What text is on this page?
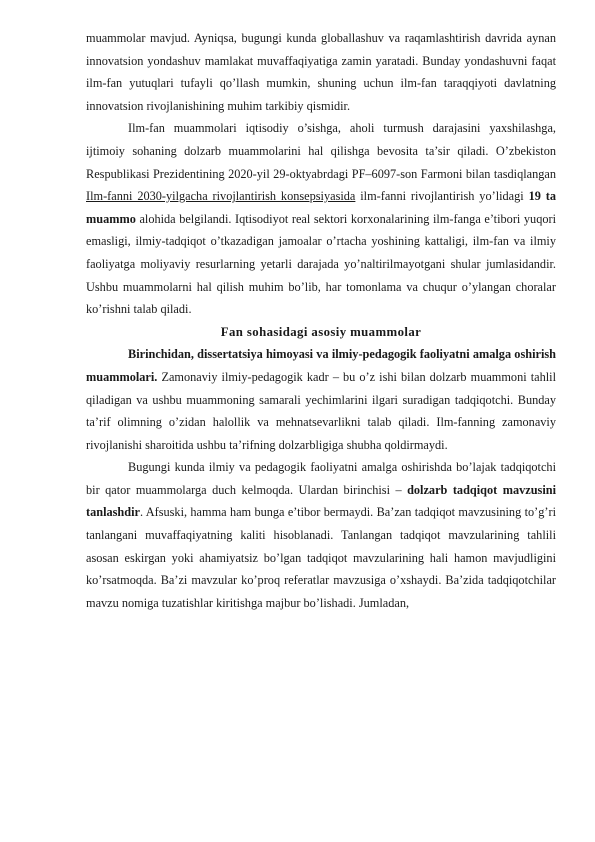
muammolar mavjud. Ayniqsa, bugungi kunda globallashuv va raqamlashtirish davrida aynan innovatsion yondashuv mamlakat muvaffaqiyatiga zamin yaratadi. Bunday yondashuvni faqat ilm-fan yutuqlari tufayli qo’llash mumkin, shuning uchun ilm-fan taraqqiyoti davlatning innovatsion rivojlanishining muhim tarkibiy qismidir.

Ilm-fan muammolari iqtisodiy o’sishga, aholi turmush darajasini yaxshilashga, ijtimoiy sohaning dolzarb muammolarini hal qilishga bevosita ta’sir qiladi. O’zbekiston Respublikasi Prezidentining 2020-yil 29-oktyabrdagi PF–6097-son Farmoni bilan tasdiqlangan Ilm-fanni 2030-yilgacha rivojlantirish konsepsiyasida ilm-fanni rivojlantirish yo’lidagi 19 ta muammo alohida belgilandi. Iqtisodiyot real sektori korxonalarining ilm-fanga e’tibori yuqori emasligi, ilmiy-tadqiqot o’tkazadigan jamoalar o’rtacha yoshining kattaligi, ilm-fan va ilmiy faoliyatga moliyaviy resurlarning yetarli darajada yo’naltirilmayotgani shular jumlasidandir. Ushbu muammolarni hal qilish muhim bo’lib, har tomonlama va chuqur o’ylangan choralar ko’rishni talab qiladi.

Fan sohasidagi asosiy muammolar

Birinchidan, dissertatsiya himoyasi va ilmiy-pedagogik faoliyatni amalga oshirish muammolari. Zamonaviy ilmiy-pedagogik kadr – bu o’z ishi bilan dolzarb muammoni tahlil qiladigan va ushbu muammoning samarali yechimlarini ilgari suradigan tadqiqotchi. Bunday ta’rif olimning o’zidan halollik va mehnatsevarlikni talab qiladi. Ilm-fanning zamonaviy rivojlanishi sharoitida ushbu ta’rifning dolzarbligiga shubha qoldirmaydi.

Bugungi kunda ilmiy va pedagogik faoliyatni amalga oshirishda bo’lajak tadqiqotchi bir qator muammolarga duch kelmoqda. Ulardan birinchisi – dolzarb tadqiqot mavzusini tanlashdir. Afsuski, hamma ham bunga e’tibor bermaydi. Ba’zan tadqiqot mavzusining to’g’ri tanlangani muvaffaqiyatning kaliti hisoblanadi. Tanlangan tadqiqot mavzularining tahlili asosan eskirgan yoki ahamiyatsiz bo’lgan tadqiqot mavzularining hali hamon mavjudligini ko’rsatmoqda. Ba’zi mavzular ko’proq referatlar mavzusiga o’xshaydi. Ba’zida tadqiqotchilar mavzu nomiga tuzatishlar kiritishga majbur bo’lishadi. Jumladan,
